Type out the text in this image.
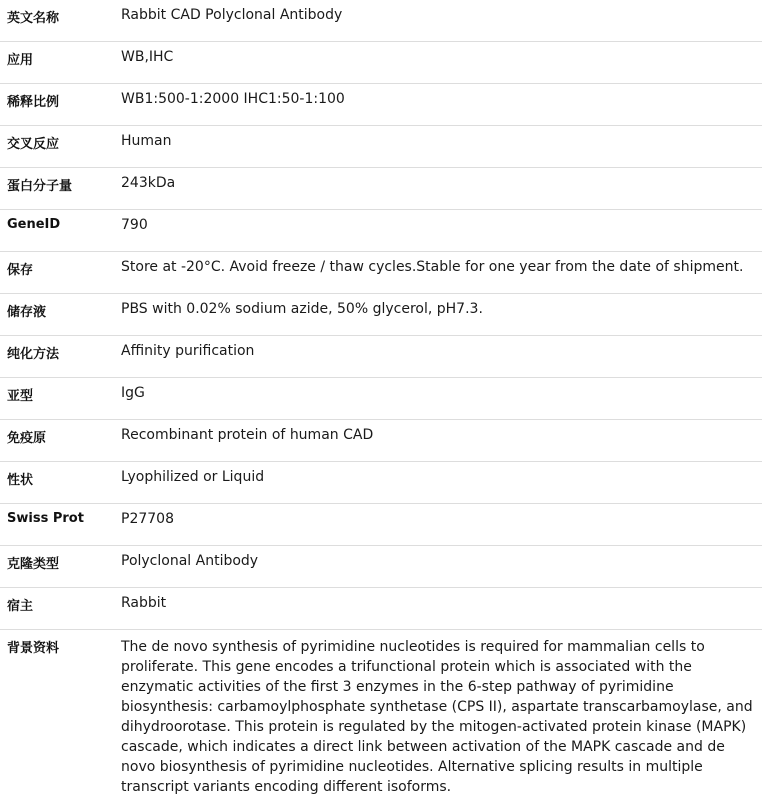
英文名称	Rabbit CAD Polyclonal Antibody
应用	WB,IHC
稀释比例	WB1:500-1:2000 IHC1:50-1:100
交叉反应	Human
蛋白分子量	243kDa
GeneID	790
保存	Store at -20°C. Avoid freeze / thaw cycles.Stable for one year from the date of shipment.
储存液	PBS with 0.02% sodium azide, 50% glycerol, pH7.3.
纯化方法	Affinity purification
亚型	IgG
免疫原	Recombinant protein of human CAD
性状	Lyophilized or Liquid
Swiss Prot	P27708
克隆类型	Polyclonal Antibody
宿主	Rabbit
背景资料	The de novo synthesis of pyrimidine nucleotides is required for mammalian cells to proliferate. This gene encodes a trifunctional protein which is associated with the enzymatic activities of the first 3 enzymes in the 6-step pathway of pyrimidine biosynthesis: carbamoylphosphate synthetase (CPS II), aspartate transcarbamoylase, and dihydroorotase. This protein is regulated by the mitogen-activated protein kinase (MAPK) cascade, which indicates a direct link between activation of the MAPK cascade and de novo biosynthesis of pyrimidine nucleotides. Alternative splicing results in multiple transcript variants encoding different isoforms.
